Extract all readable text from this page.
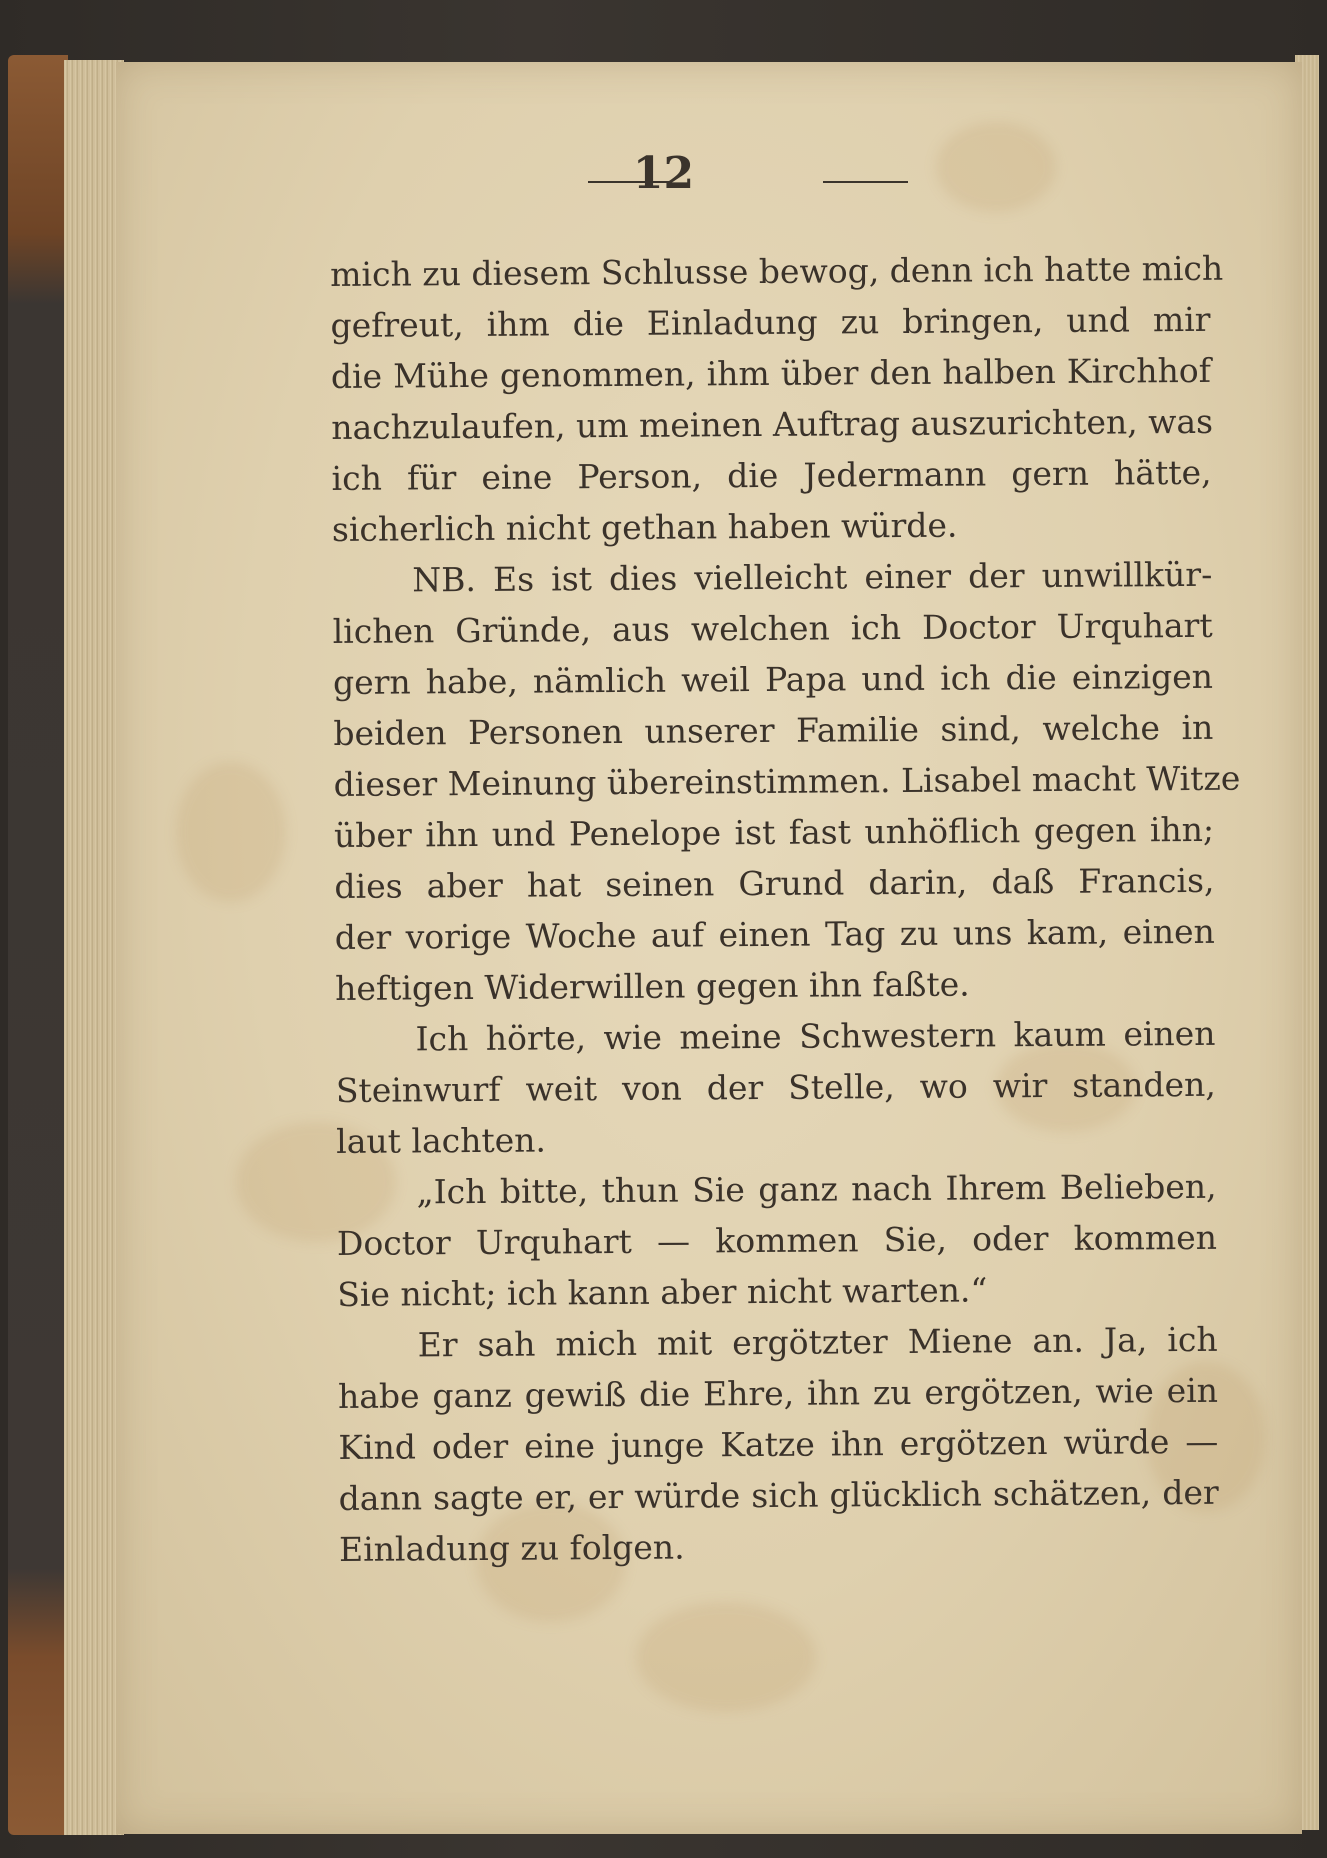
12
mich zu diesem Schlusse bewog, denn ich hatte mich
gefreut, ihm die Einladung zu bringen, und mir
die Mühe genommen, ihm über den halben Kirchhof
nachzulaufen, um meinen Auftrag auszurichten, was
ich für eine Person, die Jedermann gern hätte,
sicherlich nicht gethan haben würde.
NB. Es ist dies vielleicht einer der unwillkür-
lichen Gründe, aus welchen ich Doctor Urquhart
gern habe, nämlich weil Papa und ich die einzigen
beiden Personen unserer Familie sind, welche in
dieser Meinung übereinstimmen. Lisabel macht Witze
über ihn und Penelope ist fast unhöflich gegen ihn;
dies aber hat seinen Grund darin, daß Francis,
der vorige Woche auf einen Tag zu uns kam, einen
heftigen Widerwillen gegen ihn faßte.
Ich hörte, wie meine Schwestern kaum einen
Steinwurf weit von der Stelle, wo wir standen,
laut lachten.
„Ich bitte, thun Sie ganz nach Ihrem Belieben,
Doctor Urquhart — kommen Sie, oder kommen
Sie nicht; ich kann aber nicht warten.“
Er sah mich mit ergötzter Miene an. Ja, ich
habe ganz gewiß die Ehre, ihn zu ergötzen, wie ein
Kind oder eine junge Katze ihn ergötzen würde —
dann sagte er, er würde sich glücklich schätzen, der
Einladung zu folgen.
